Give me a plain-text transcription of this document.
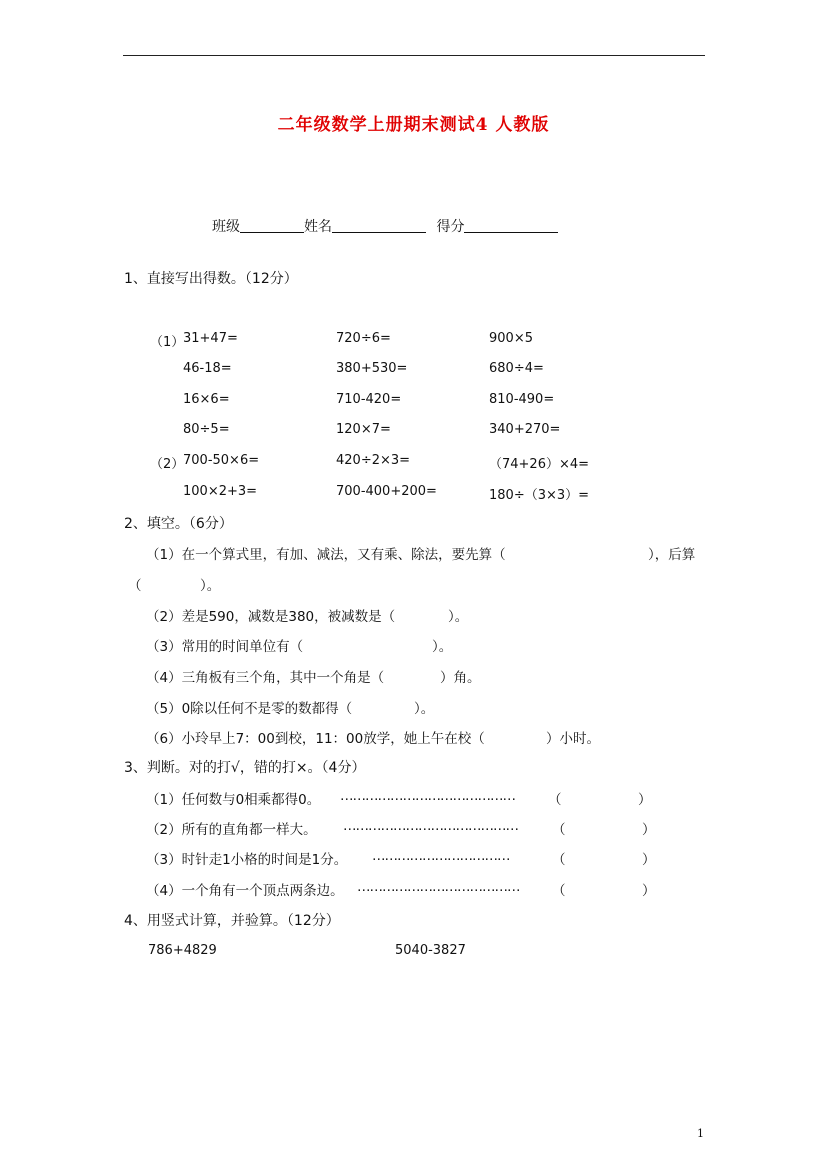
二年级数学上册期末测试4 人教版
班级	姓名	得分
1、直接写出得数。（12分）
（1）
（2）
31+47=	720÷6=	900×5
46-18=	380+530=	680÷4=
16×6=	710-420=	810-490=
80÷5=	120×7=	340+270=
700-50×6=	420÷2×3=	（74+26）×4=
100×2+3=	700-400+200=	180÷（3×3）=
2、填空。（6分）
（1）在一个算式里，有加、减法，又有乘、除法，要先算（	），后算
（	）。
（2）差是590，减数是380，被减数是（	）。
（3）常用的时间单位有（	）。
（4）三角板有三个角，其中一个角是（	）角。
（5）0除以任何不是零的数都得（	）。
（6）小玲早上7：00到校，11：00放学，她上午在校（	）小时。
3、判断。对的打√，错的打×。（4分）
（1）任何数与0相乘都得0。 …………………………………… （	）
（2）所有的直角都一样大。 ……………………………………	（	）
（3）时针走1小格的时间是1分。 ……………………………	（	）
（4）一个角有一个顶点两条边。 ………………………………… （	）
4、用竖式计算，并验算。（12分）
786+4829	5040-3827
1
